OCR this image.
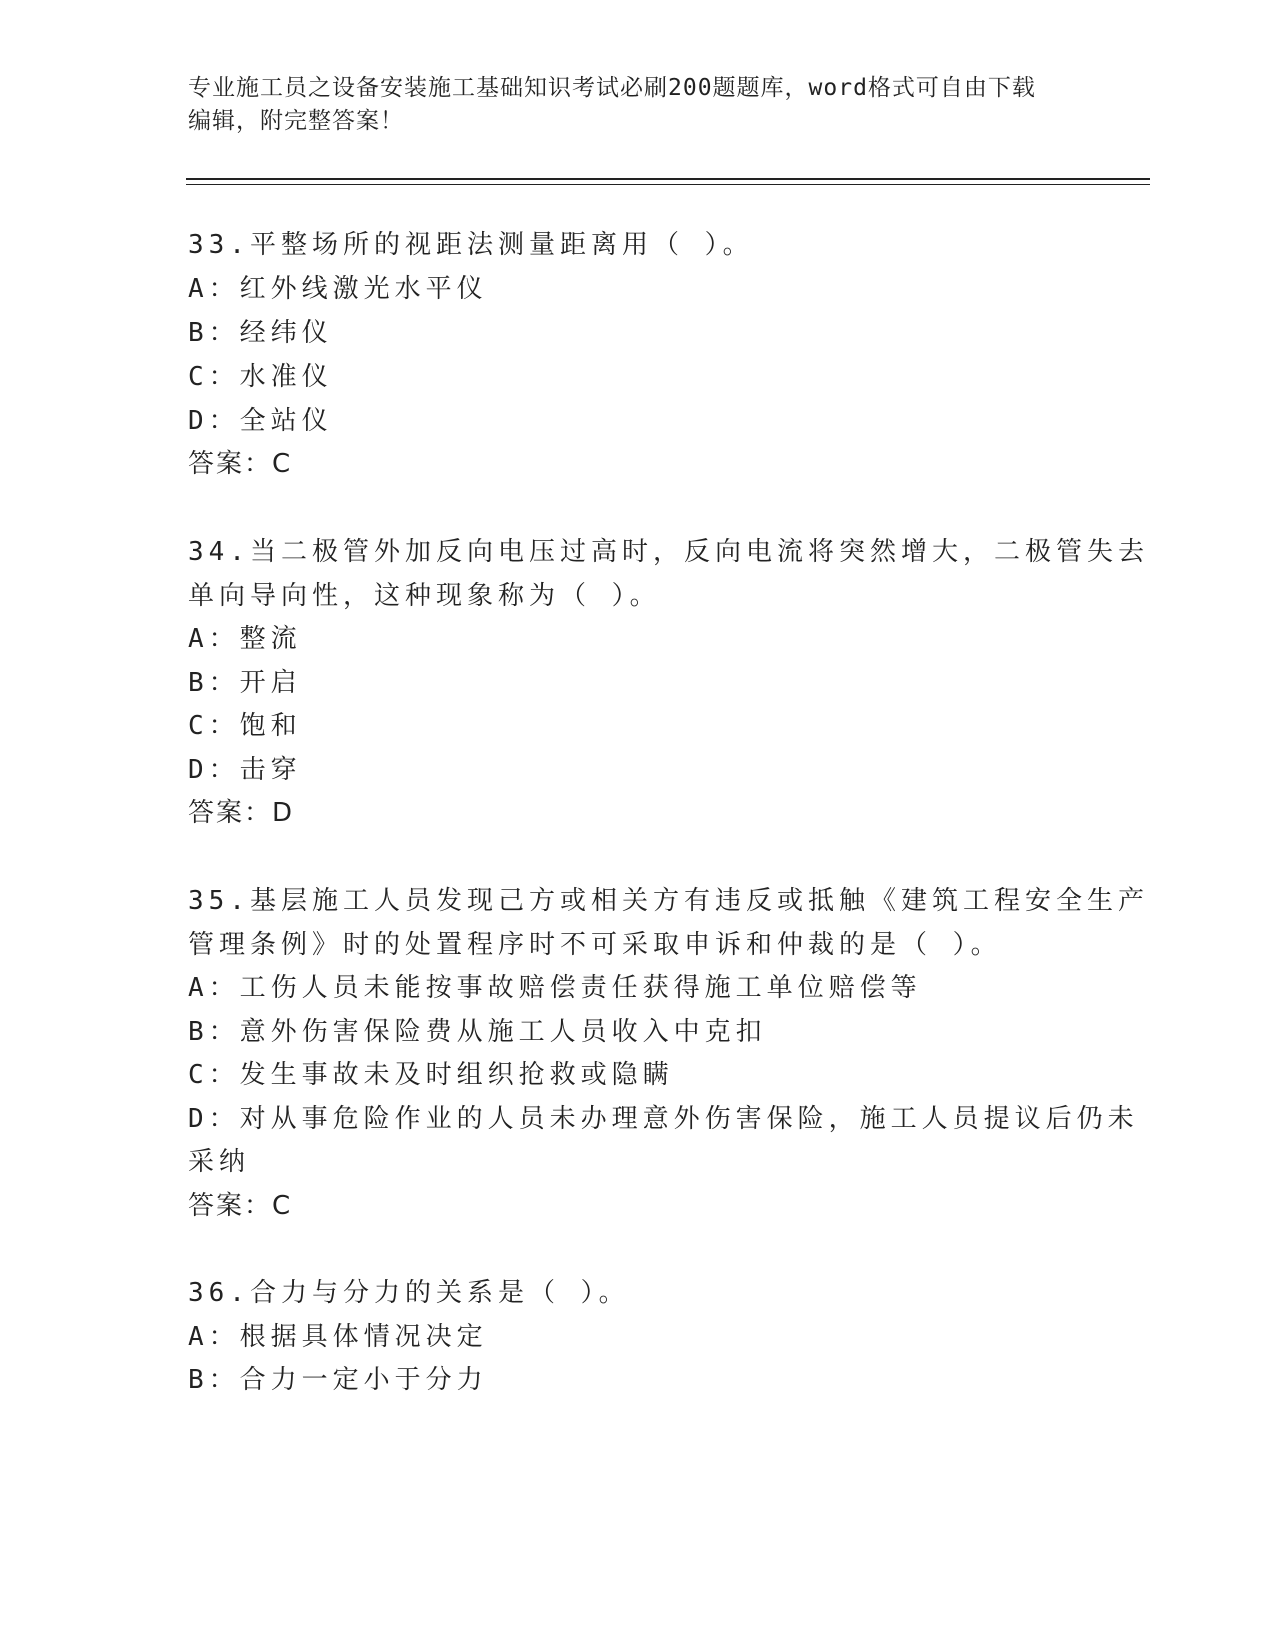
专业施工员之设备安装施工基础知识考试必刷200题题库，word格式可自由下载
编辑，附完整答案！
33.平整场所的视距法测量距离用（ ）。
A：红外线激光水平仪
B：经纬仪
C：水准仪
D：全站仪
答案：C
34.当二极管外加反向电压过高时，反向电流将突然增大，二极管失去
单向导向性，这种现象称为（ ）。
A：整流
B：开启
C：饱和
D：击穿
答案：D
35.基层施工人员发现己方或相关方有违反或抵触《建筑工程安全生产
管理条例》时的处置程序时不可采取申诉和仲裁的是（ ）。
A：工伤人员未能按事故赔偿责任获得施工单位赔偿等
B：意外伤害保险费从施工人员收入中克扣
C：发生事故未及时组织抢救或隐瞒
D：对从事危险作业的人员未办理意外伤害保险，施工人员提议后仍未
采纳
答案：C
36.合力与分力的关系是（ ）。
A：根据具体情况决定
B：合力一定小于分力
